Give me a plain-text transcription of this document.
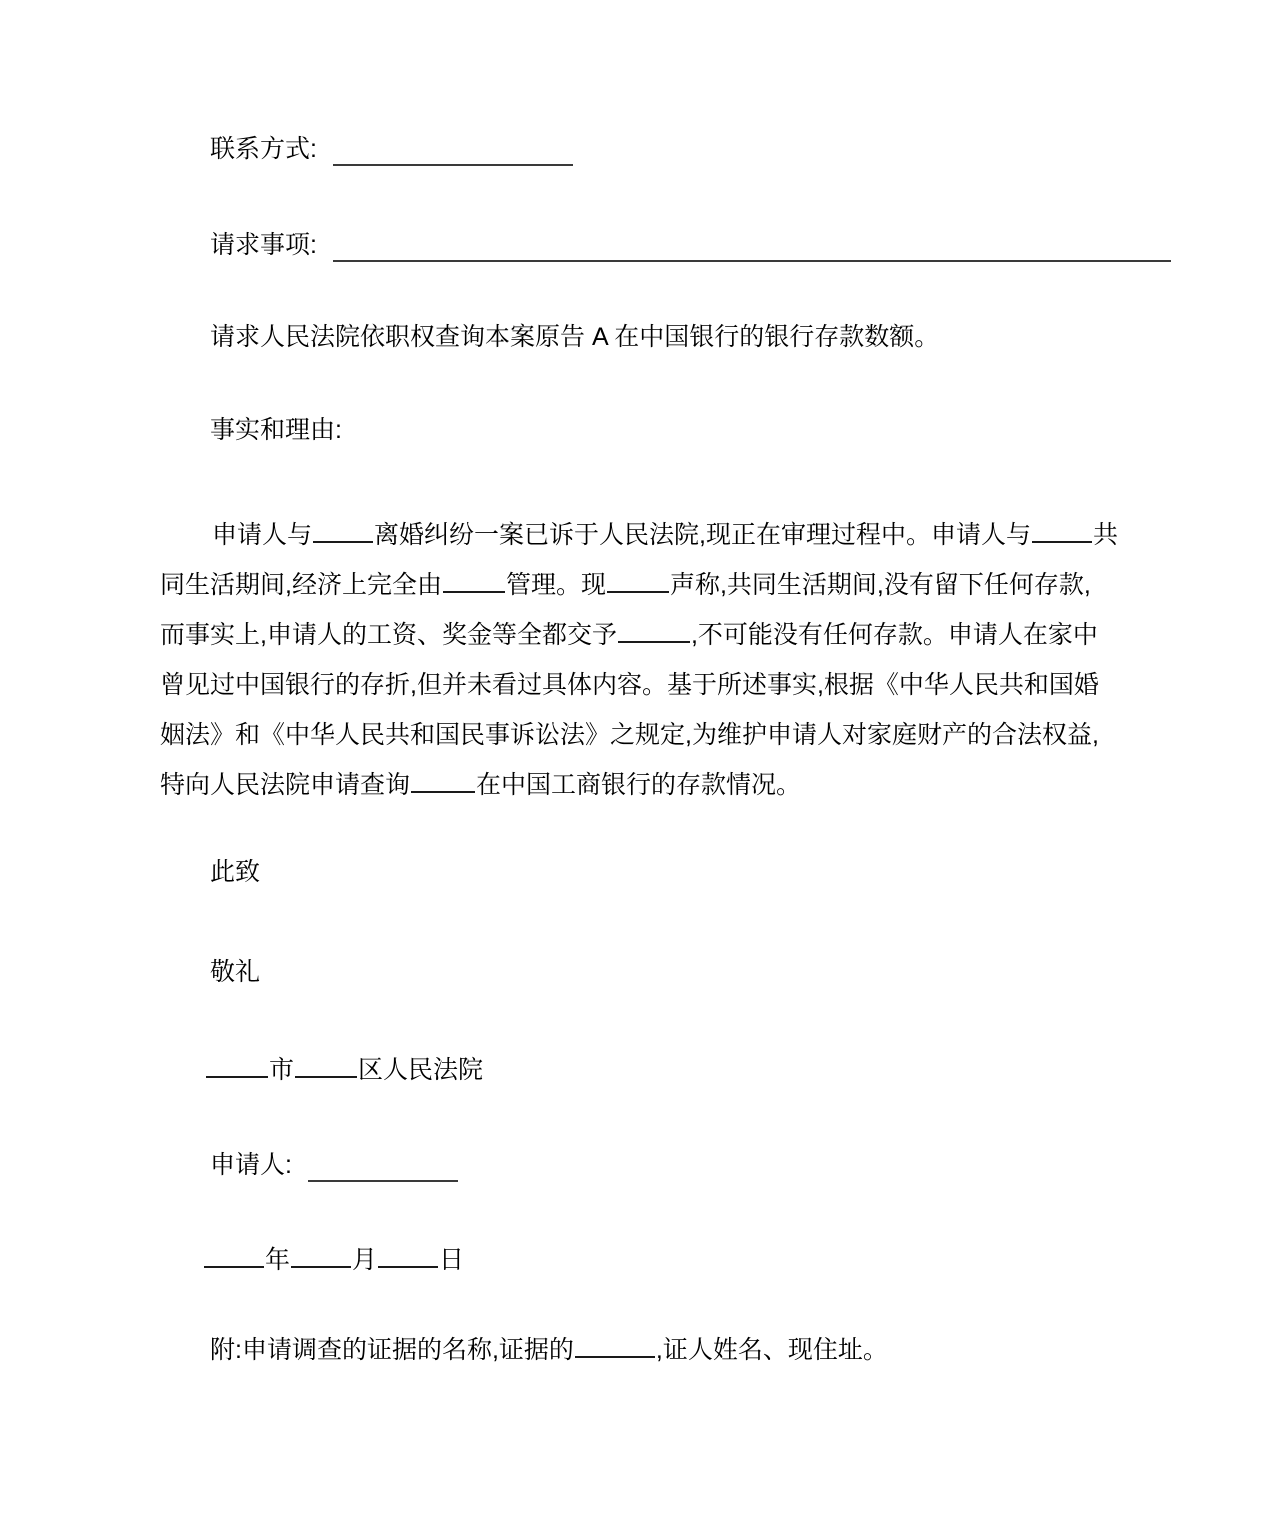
联系方式:
请求事项:
请求人民法院依职权查询本案原告 A 在中国银行的银行存款数额。
事实和理由:
申请人与 离婚纠纷一案已诉于人民法院,现正在审理过程中。申请人与 共
同生活期间,经济上完全由	管理。现	声称,共同生活期间,没有留下任何存款,
而事实上,申请人的工资、奖金等全都交予	,不可能没有任何存款。申请人在家中
曾见过中国银行的存折,但并未看过具体内容。基于所述事实,根据《中华人民共和国婚
姻法》和《中华人民共和国民事诉讼法》之规定,为维护申请人对家庭财产的合法权益,
特向人民法院申请查询	在中国工商银行的存款情况。
此致
敬礼
市	区人民法院
申请人:
年 月 日
附:申请调查的证据的名称,证据的	,证人姓名、现住址。
